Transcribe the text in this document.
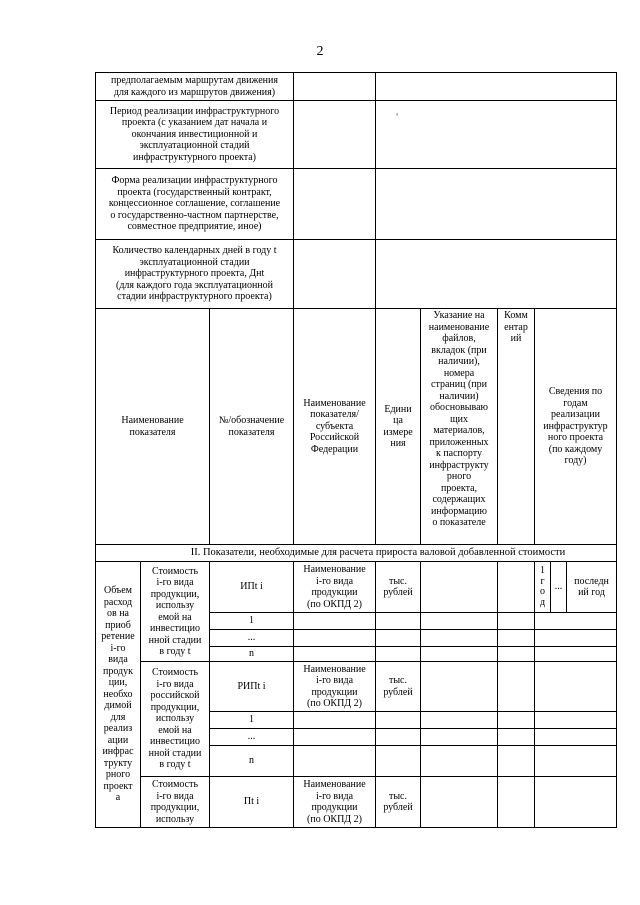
2
предполагаемым маршрутам движения
для каждого из маршрутов движения)
Период реализации инфраструктурного
проекта (с указанием дат начала и
окончания инвестиционной и
эксплуатационной стадий
инфраструктурного проекта)
Форма реализации инфраструктурного
проекта (государственный контракт,
концессионное соглашение, соглашение
о государственно-частном партнерстве,
совместное предприятие, иное)
Количество календарных дней в году t
эксплуатационной стадии
инфраструктурного проекта, Днt
(для каждого года эксплуатационной
стадии инфраструктурного проекта)
'
Наименование
показателя
№/обозначение
показателя
Наименование
показателя/
субъекта
Российской
Федерации
Едини
ца
измере
ния
Указание на
наименование
файлов,
вкладок (при
наличии),
номера
страниц (при
наличии)
обосновываю
щих
материалов,
приложенных
к паспорту
инфраструкту
рного
проекта,
содержащих
информацию
о показателе
Комм
ентар
ий
Сведения по
годам
реализации
инфраструктур
ного проекта
(по каждому
году)
II. Показатели, необходимые для расчета прироста валовой добавленной стоимости
Объем
расход
ов на
приоб
ретение
i-го
вида
продук
ции,
необхо
димой
для
реализ
ации
инфрас
трукту
рного
проект
а
Стоимость
i-го вида
продукции,
использу
емой на
инвестицио
нной стадии
в году t
ИПt i
Наименование
i-го вида
продукции
(по ОКПД 2)
тыс.
рублей
1
г
о
д
...
последн
ий год
1
...
n
Стоимость
i-го вида
российской
продукции,
использу
емой на
инвестицио
нной стадии
в году t
РИПt i
Наименование
i-го вида
продукции
(по ОКПД 2)
тыс.
рублей
1
...
n
Стоимость
i-го вида
продукции,
использу
Пt i
Наименование
i-го вида
продукции
(по ОКПД 2)
тыс.
рублей
